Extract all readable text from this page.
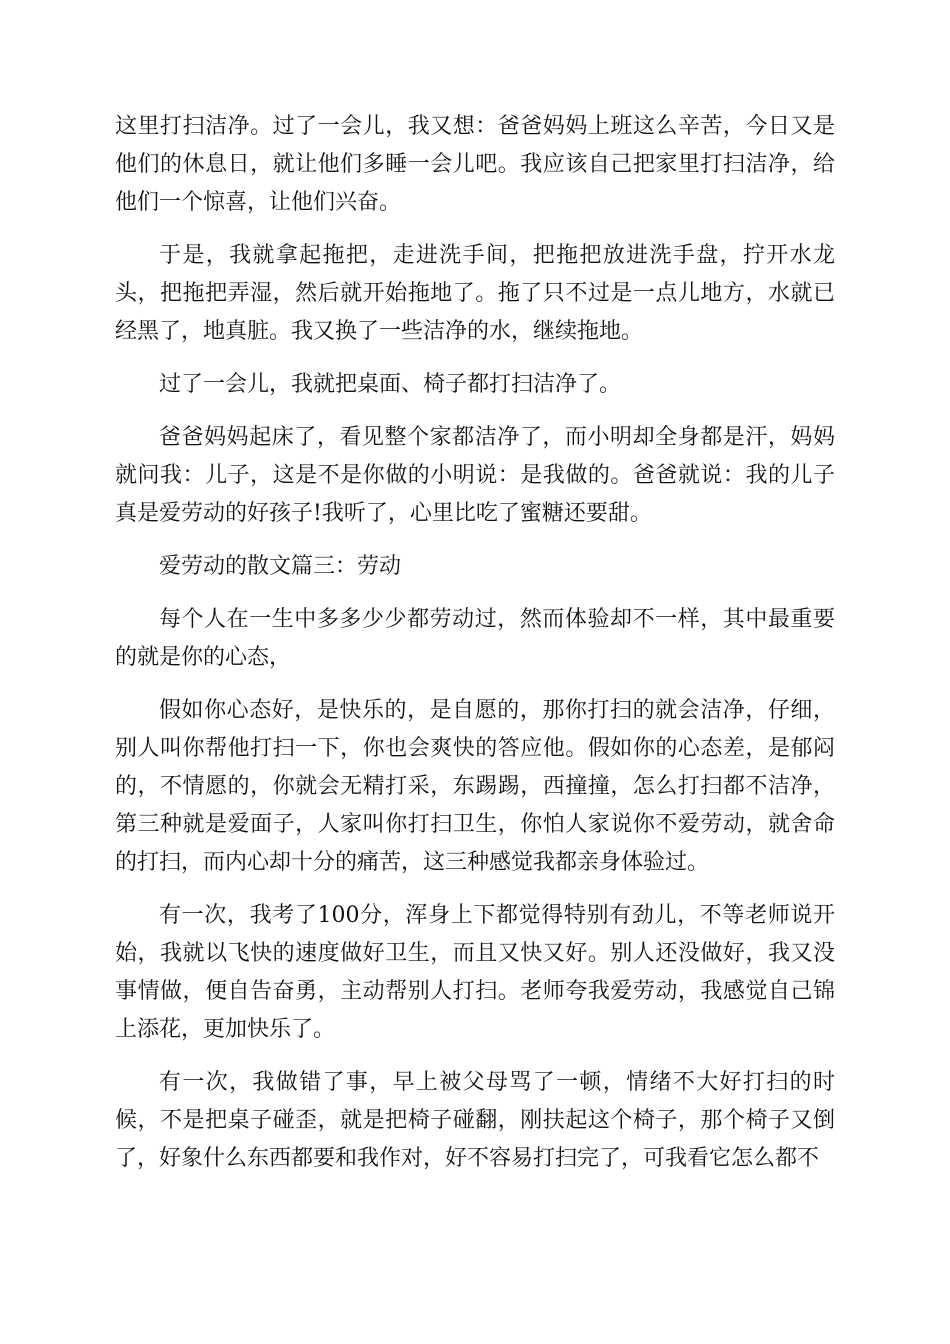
这里打扫洁净。过了一会儿，我又想：爸爸妈妈上班这么辛苦，今日又是他们的休息日，就让他们多睡一会儿吧。我应该自己把家里打扫洁净，给他们一个惊喜，让他们兴奋。

于是，我就拿起拖把，走进洗手间，把拖把放进洗手盘，拧开水龙头，把拖把弄湿，然后就开始拖地了。拖了只不过是一点儿地方，水就已经黑了，地真脏。我又换了一些洁净的水，继续拖地。

过了一会儿，我就把桌面、椅子都打扫洁净了。

爸爸妈妈起床了，看见整个家都洁净了，而小明却全身都是汗，妈妈就问我：儿子，这是不是你做的小明说：是我做的。爸爸就说：我的儿子真是爱劳动的好孩子!我听了，心里比吃了蜜糖还要甜。

爱劳动的散文篇三：劳动

每个人在一生中多多少少都劳动过，然而体验却不一样，其中最重要的就是你的心态，

假如你心态好，是快乐的，是自愿的，那你打扫的就会洁净，仔细，别人叫你帮他打扫一下，你也会爽快的答应他。假如你的心态差，是郁闷的，不情愿的，你就会无精打采，东踢踢，西撞撞，怎么打扫都不洁净，第三种就是爱面子，人家叫你打扫卫生，你怕人家说你不爱劳动，就舍命的打扫，而内心却十分的痛苦，这三种感觉我都亲身体验过。

有一次，我考了100分，浑身上下都觉得特别有劲儿，不等老师说开始，我就以飞快的速度做好卫生，而且又快又好。别人还没做好，我又没事情做，便自告奋勇，主动帮别人打扫。老师夸我爱劳动，我感觉自己锦上添花，更加快乐了。

有一次，我做错了事，早上被父母骂了一顿，情绪不大好打扫的时候，不是把桌子碰歪，就是把椅子碰翻，刚扶起这个椅子，那个椅子又倒了，好象什么东西都要和我作对，好不容易打扫完了，可我看它怎么都不
